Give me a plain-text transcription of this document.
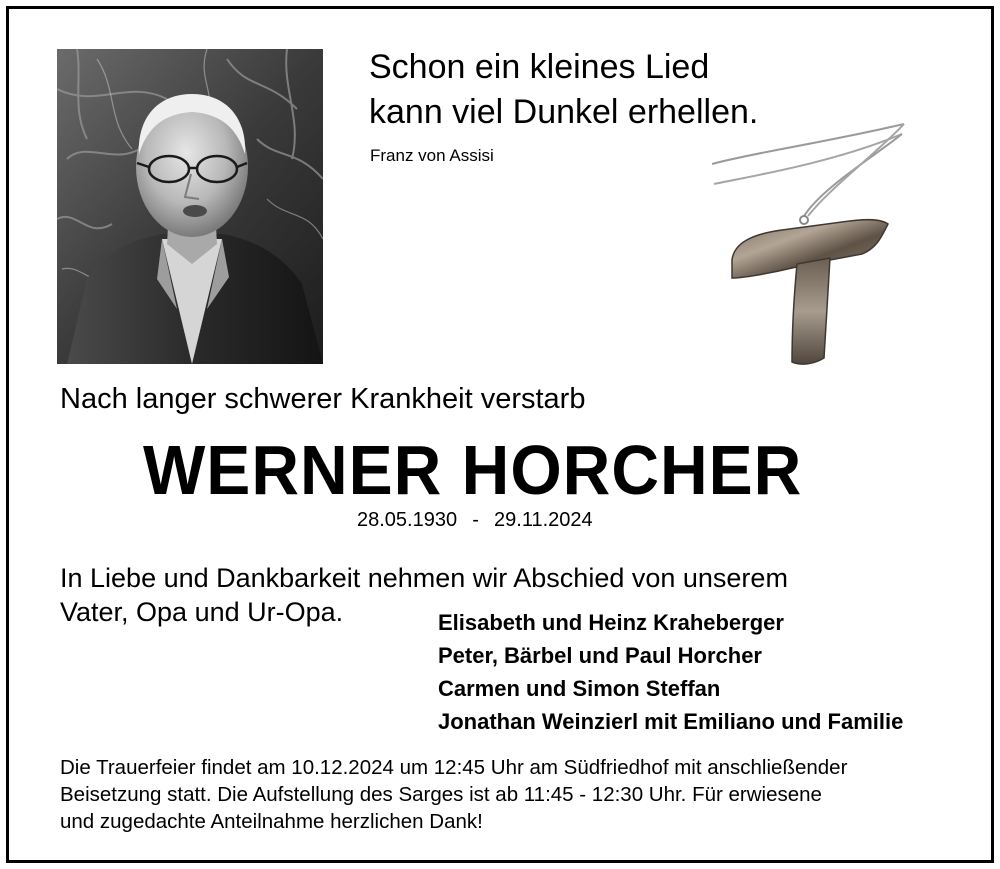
Schon ein kleines Lied
kann viel Dunkel erhellen.
Franz von Assisi
Nach langer schwerer Krankheit verstarb
WERNER HORCHER
28.05.1930 - 29.11.2024
In Liebe und Dankbarkeit nehmen wir Abschied von unserem
Vater, Opa und Ur-Opa.	Elisabeth und Heinz Kraheberger
Peter, Bärbel und Paul Horcher
Carmen und Simon Steffan
Jonathan Weinzierl mit Emiliano und Familie
Die Trauerfeier findet am 10.12.2024 um 12:45 Uhr am Südfriedhof mit anschließender
Beisetzung statt. Die Aufstellung des Sarges ist ab 11:45 - 12:30 Uhr. Für erwiesene
und zugedachte Anteilnahme herzlichen Dank!
